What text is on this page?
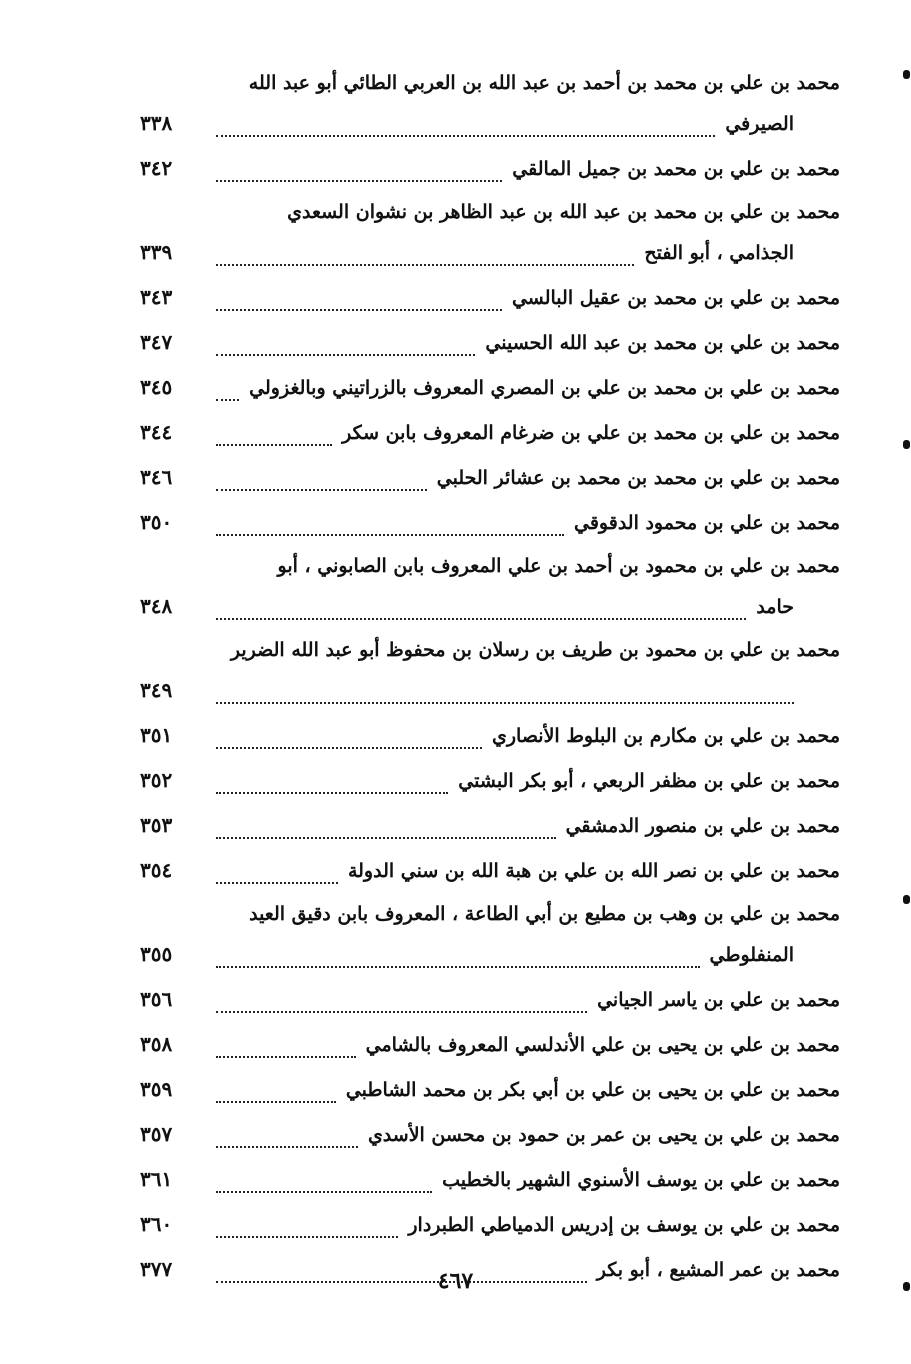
محمد بن علي بن محمد بن أحمد بن عبد الله بن العربي الطائي أبو عبد الله
الصيرفي
٣٣٨
محمد بن علي بن محمد بن جميل المالقي
٣٤٢
محمد بن علي بن محمد بن عبد الله بن عبد الظاهر بن نشوان السعدي
الجذامي ، أبو الفتح
٣٣٩
محمد بن علي بن محمد بن عقيل البالسي
٣٤٣
محمد بن علي بن محمد بن عبد الله الحسيني
٣٤٧
محمد بن علي بن محمد بن علي بن المصري المعروف بالزراتيني وبالغزولي
٣٤٥
محمد بن علي بن محمد بن علي بن ضرغام المعروف بابن سكر
٣٤٤
محمد بن علي بن محمد بن محمد بن عشائر الحلبي
٣٤٦
محمد بن علي بن محمود الدقوقي
٣٥٠
محمد بن علي بن محمود بن أحمد بن علي المعروف بابن الصابوني ، أبو
حامد
٣٤٨
محمد بن علي بن محمود بن طريف بن رسلان بن محفوظ أبو عبد الله الضرير
٣٤٩
محمد بن علي بن مكارم بن البلوط الأنصاري
٣٥١
محمد بن علي بن مظفر الربعي ، أبو بكر البشتي
٣٥٢
محمد بن علي بن منصور الدمشقي
٣٥٣
محمد بن علي بن نصر الله بن علي بن هبة الله بن سني الدولة
٣٥٤
محمد بن علي بن وهب بن مطيع بن أبي الطاعة ، المعروف بابن دقيق العيد
المنفلوطي
٣٥٥
محمد بن علي بن ياسر الجياني
٣٥٦
محمد بن علي بن يحيى بن علي الأندلسي المعروف بالشامي
٣٥٨
محمد بن علي بن يحيى بن علي بن أبي بكر بن محمد الشاطبي
٣٥٩
محمد بن علي بن يحيى بن عمر بن حمود بن محسن الأسدي
٣٥٧
محمد بن علي بن يوسف الأسنوي الشهير بالخطيب
٣٦١
محمد بن علي بن يوسف بن إدريس الدمياطي الطبردار
٣٦٠
محمد بن عمر المشيع ، أبو بكر
٣٧٧	٤٦٧
